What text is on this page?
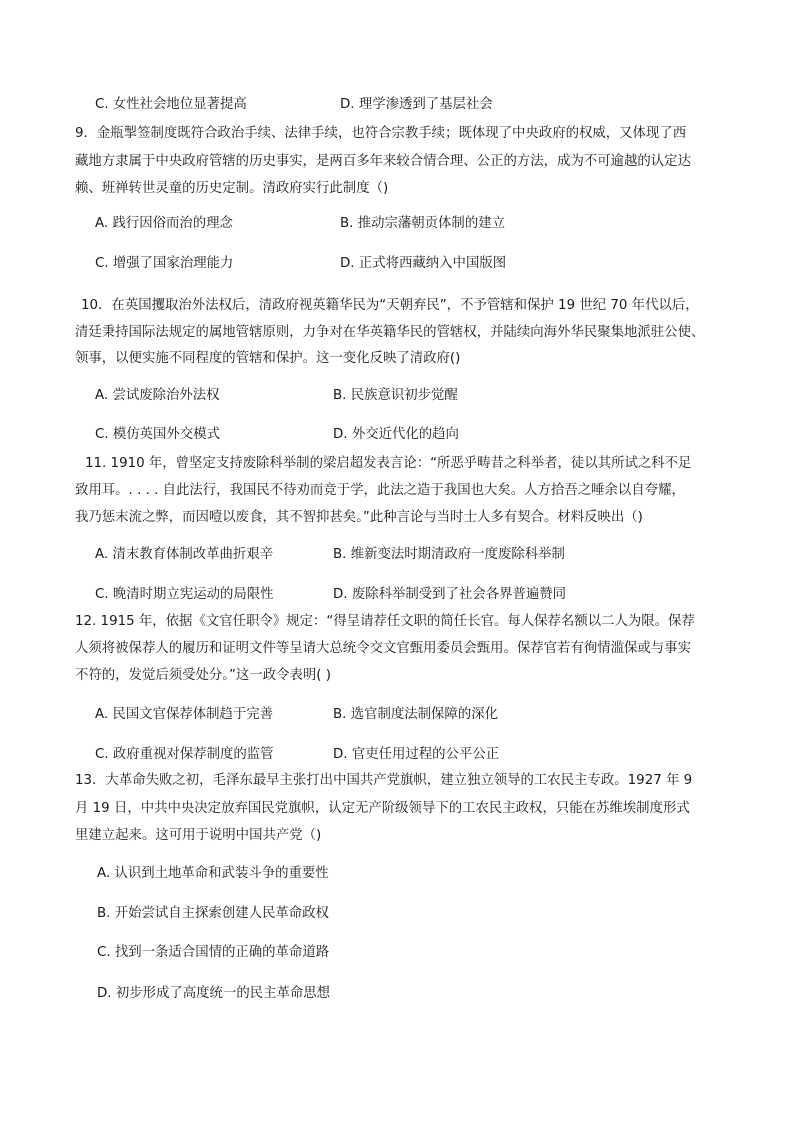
C. 女性社会地位显著提高	D. 理学渗透到了基层社会
9．金瓶掣签制度既符合政治手续、法律手续，也符合宗教手续；既体现了中央政府的权威，又体现了西
藏地方隶属于中央政府管辖的历史事实，是两百多年来较合情合理、公正的方法，成为不可逾越的认定达
赖、班禅转世灵童的历史定制。清政府实行此制度（)
A. 践行因俗而治的理念	B. 推动宗藩朝贡体制的建立
C. 增强了国家治理能力	D. 正式将西藏纳入中国版图
10．在英国攫取治外法权后，清政府视英籍华民为“天朝弃民”，不予管辖和保护 19 世纪 70 年代以后，
清廷秉持国际法规定的属地管辖原则，力争对在华英籍华民的管辖权，并陆续向海外华民聚集地派驻公使、
领事，以便实施不同程度的管辖和保护。这一变化反映了清政府()
A. 尝试废除治外法权	B. 民族意识初步觉醒
C. 模仿英国外交模式	D. 外交近代化的趋向
11. 1910 年，曾坚定支持废除科举制的梁启超发表言论：“所恶乎畴昔之科举者，徒以其所试之科不足
致用耳。. . . . 自此法行，我国民不待劝而竞于学，此法之造于我国也大矣。人方拾吾之唾余以自夸耀，
我乃惩末流之弊，而因噎以废食，其不智抑甚矣。”此种言论与当时士人多有契合。材料反映出（)
A. 清末教育体制改革曲折艰辛	B. 维新变法时期清政府一度废除科举制
C. 晚清时期立宪运动的局限性	D. 废除科举制受到了社会各界普遍赞同
12. 1915 年，依据《文官任职令》规定：“得呈请荐任文职的简任长官。每人保荐名额以二人为限。保荐
人须将被保荐人的履历和证明文件等呈请大总统令交文官甄用委员会甄用。保荐官若有徇情滥保或与事实
不符的，发觉后须受处分。”这一政令表明( )
A. 民国文官保荐体制趋于完善	B. 选官制度法制保障的深化
C. 政府重视对保荐制度的监管	D. 官吏任用过程的公平公正
13．大革命失败之初，毛泽东最早主张打出中国共产党旗帜，建立独立领导的工农民主专政。1927 年 9
月 19 日，中共中央决定放弃国民党旗帜，认定无产阶级领导下的工农民主政权，只能在苏维埃制度形式
里建立起来。这可用于说明中国共产党（)
A. 认识到土地革命和武装斗争的重要性
B. 开始尝试自主探索创建人民革命政权
C. 找到一条适合国情的正确的革命道路
D. 初步形成了高度统一的民主革命思想
